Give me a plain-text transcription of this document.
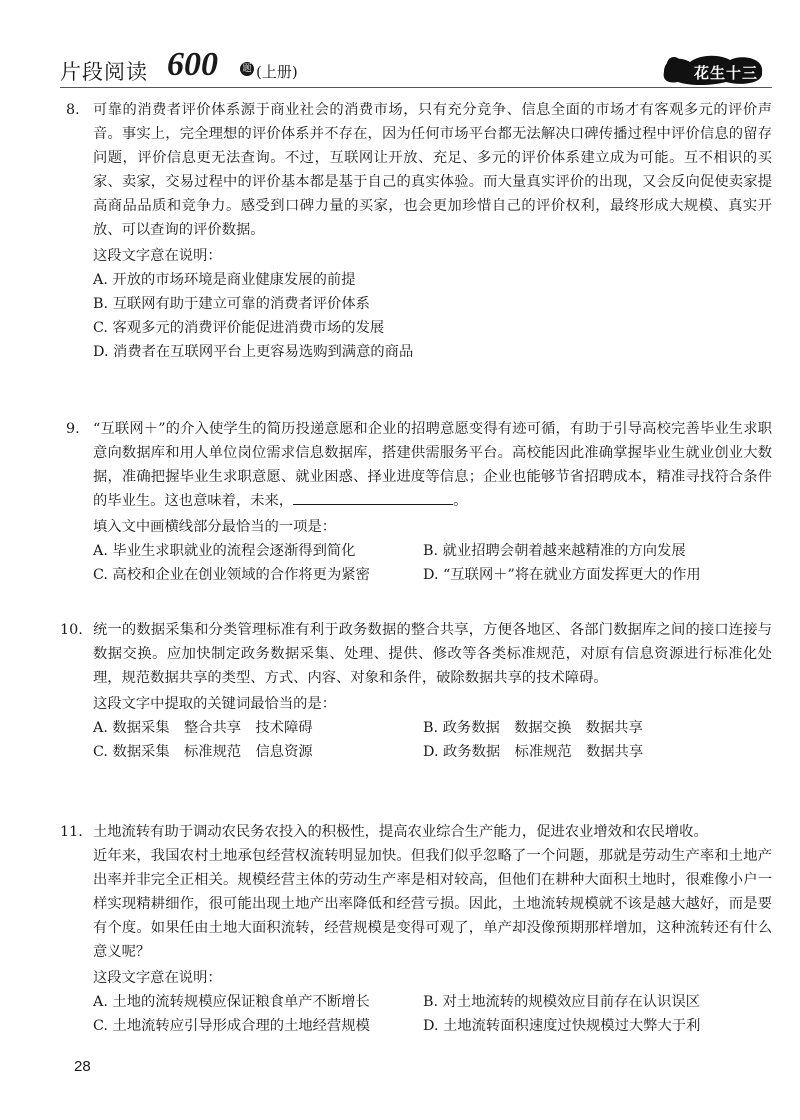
片段阅读 600	题 (上册)	花生十三
8. 可靠的消费者评价体系源于商业社会的消费市场，只有充分竞争、信息全面的市场才有客观多元的评价声音。事实上，完全理想的评价体系并不存在，因为任何市场平台都无法解决口碑传播过程中评价信息的留存问题，评价信息更无法查询。不过，互联网让开放、充足、多元的评价体系建立成为可能。互不相识的买家、卖家，交易过程中的评价基本都是基于自己的真实体验。而大量真实评价的出现，又会反向促使卖家提高商品品质和竞争力。感受到口碑力量的买家，也会更加珍惜自己的评价权利，最终形成大规模、真实开放、可以查询的评价数据。
这段文字意在说明：
A. 开放的市场环境是商业健康发展的前提
B. 互联网有助于建立可靠的消费者评价体系
C. 客观多元的消费评价能促进消费市场的发展
D. 消费者在互联网平台上更容易选购到满意的商品
9. “互联网＋”的介入使学生的简历投递意愿和企业的招聘意愿变得有迹可循，有助于引导高校完善毕业生求职意向数据库和用人单位岗位需求信息数据库，搭建供需服务平台。高校能因此准确掌握毕业生就业创业大数据，准确把握毕业生求职意愿、就业困惑、择业进度等信息；企业也能够节省招聘成本，精准寻找符合条件的毕业生。这也意味着，未来，	。
填入文中画横线部分最恰当的一项是：
A. 毕业生求职就业的流程会逐渐得到简化	B. 就业招聘会朝着越来越精准的方向发展
C. 高校和企业在创业领域的合作将更为紧密	D. “互联网＋”将在就业方面发挥更大的作用
10. 统一的数据采集和分类管理标准有利于政务数据的整合共享，方便各地区、各部门数据库之间的接口连接与数据交换。应加快制定政务数据采集、处理、提供、修改等各类标准规范，对原有信息资源进行标准化处理，规范数据共享的类型、方式、内容、对象和条件，破除数据共享的技术障碍。
这段文字中提取的关键词最恰当的是：
A. 数据采集　整合共享　技术障碍	B. 政务数据　数据交换　数据共享
C. 数据采集　标准规范　信息资源	D. 政务数据　标准规范　数据共享
11. 土地流转有助于调动农民务农投入的积极性，提高农业综合生产能力，促进农业增效和农民增收。
近年来，我国农村土地承包经营权流转明显加快。但我们似乎忽略了一个问题，那就是劳动生产率和土地产出率并非完全正相关。规模经营主体的劳动生产率是相对较高，但他们在耕种大面积土地时，很难像小户一样实现精耕细作，很可能出现土地产出率降低和经营亏损。因此，土地流转规模就不该是越大越好，而是要有个度。如果任由土地大面积流转，经营规模是变得可观了，单产却没像预期那样增加，这种流转还有什么意义呢？
这段文字意在说明：
A. 土地的流转规模应保证粮食单产不断增长	B. 对土地流转的规模效应目前存在认识误区
C. 土地流转应引导形成合理的土地经营规模	D. 土地流转面积速度过快规模过大弊大于利
28
